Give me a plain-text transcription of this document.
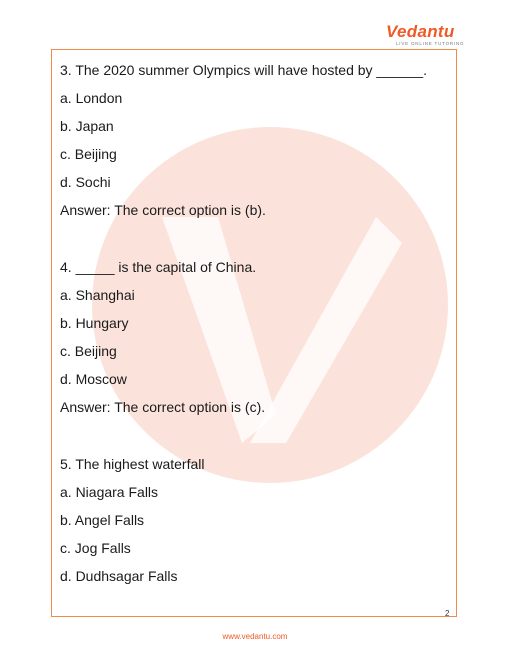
Vedantu
LIVE ONLINE TUTORING
3. The 2020 summer Olympics will have hosted by ______.
a. London
b. Japan
c. Beijing
d. Sochi
Answer: The correct option is (b).
4. _____ is the capital of China.
a. Shanghai
b. Hungary
c. Beijing
d. Moscow
Answer: The correct option is (c).
5. The highest waterfall
a. Niagara Falls
b. Angel Falls
c. Jog Falls
d. Dudhsagar Falls
2
www.vedantu.com
